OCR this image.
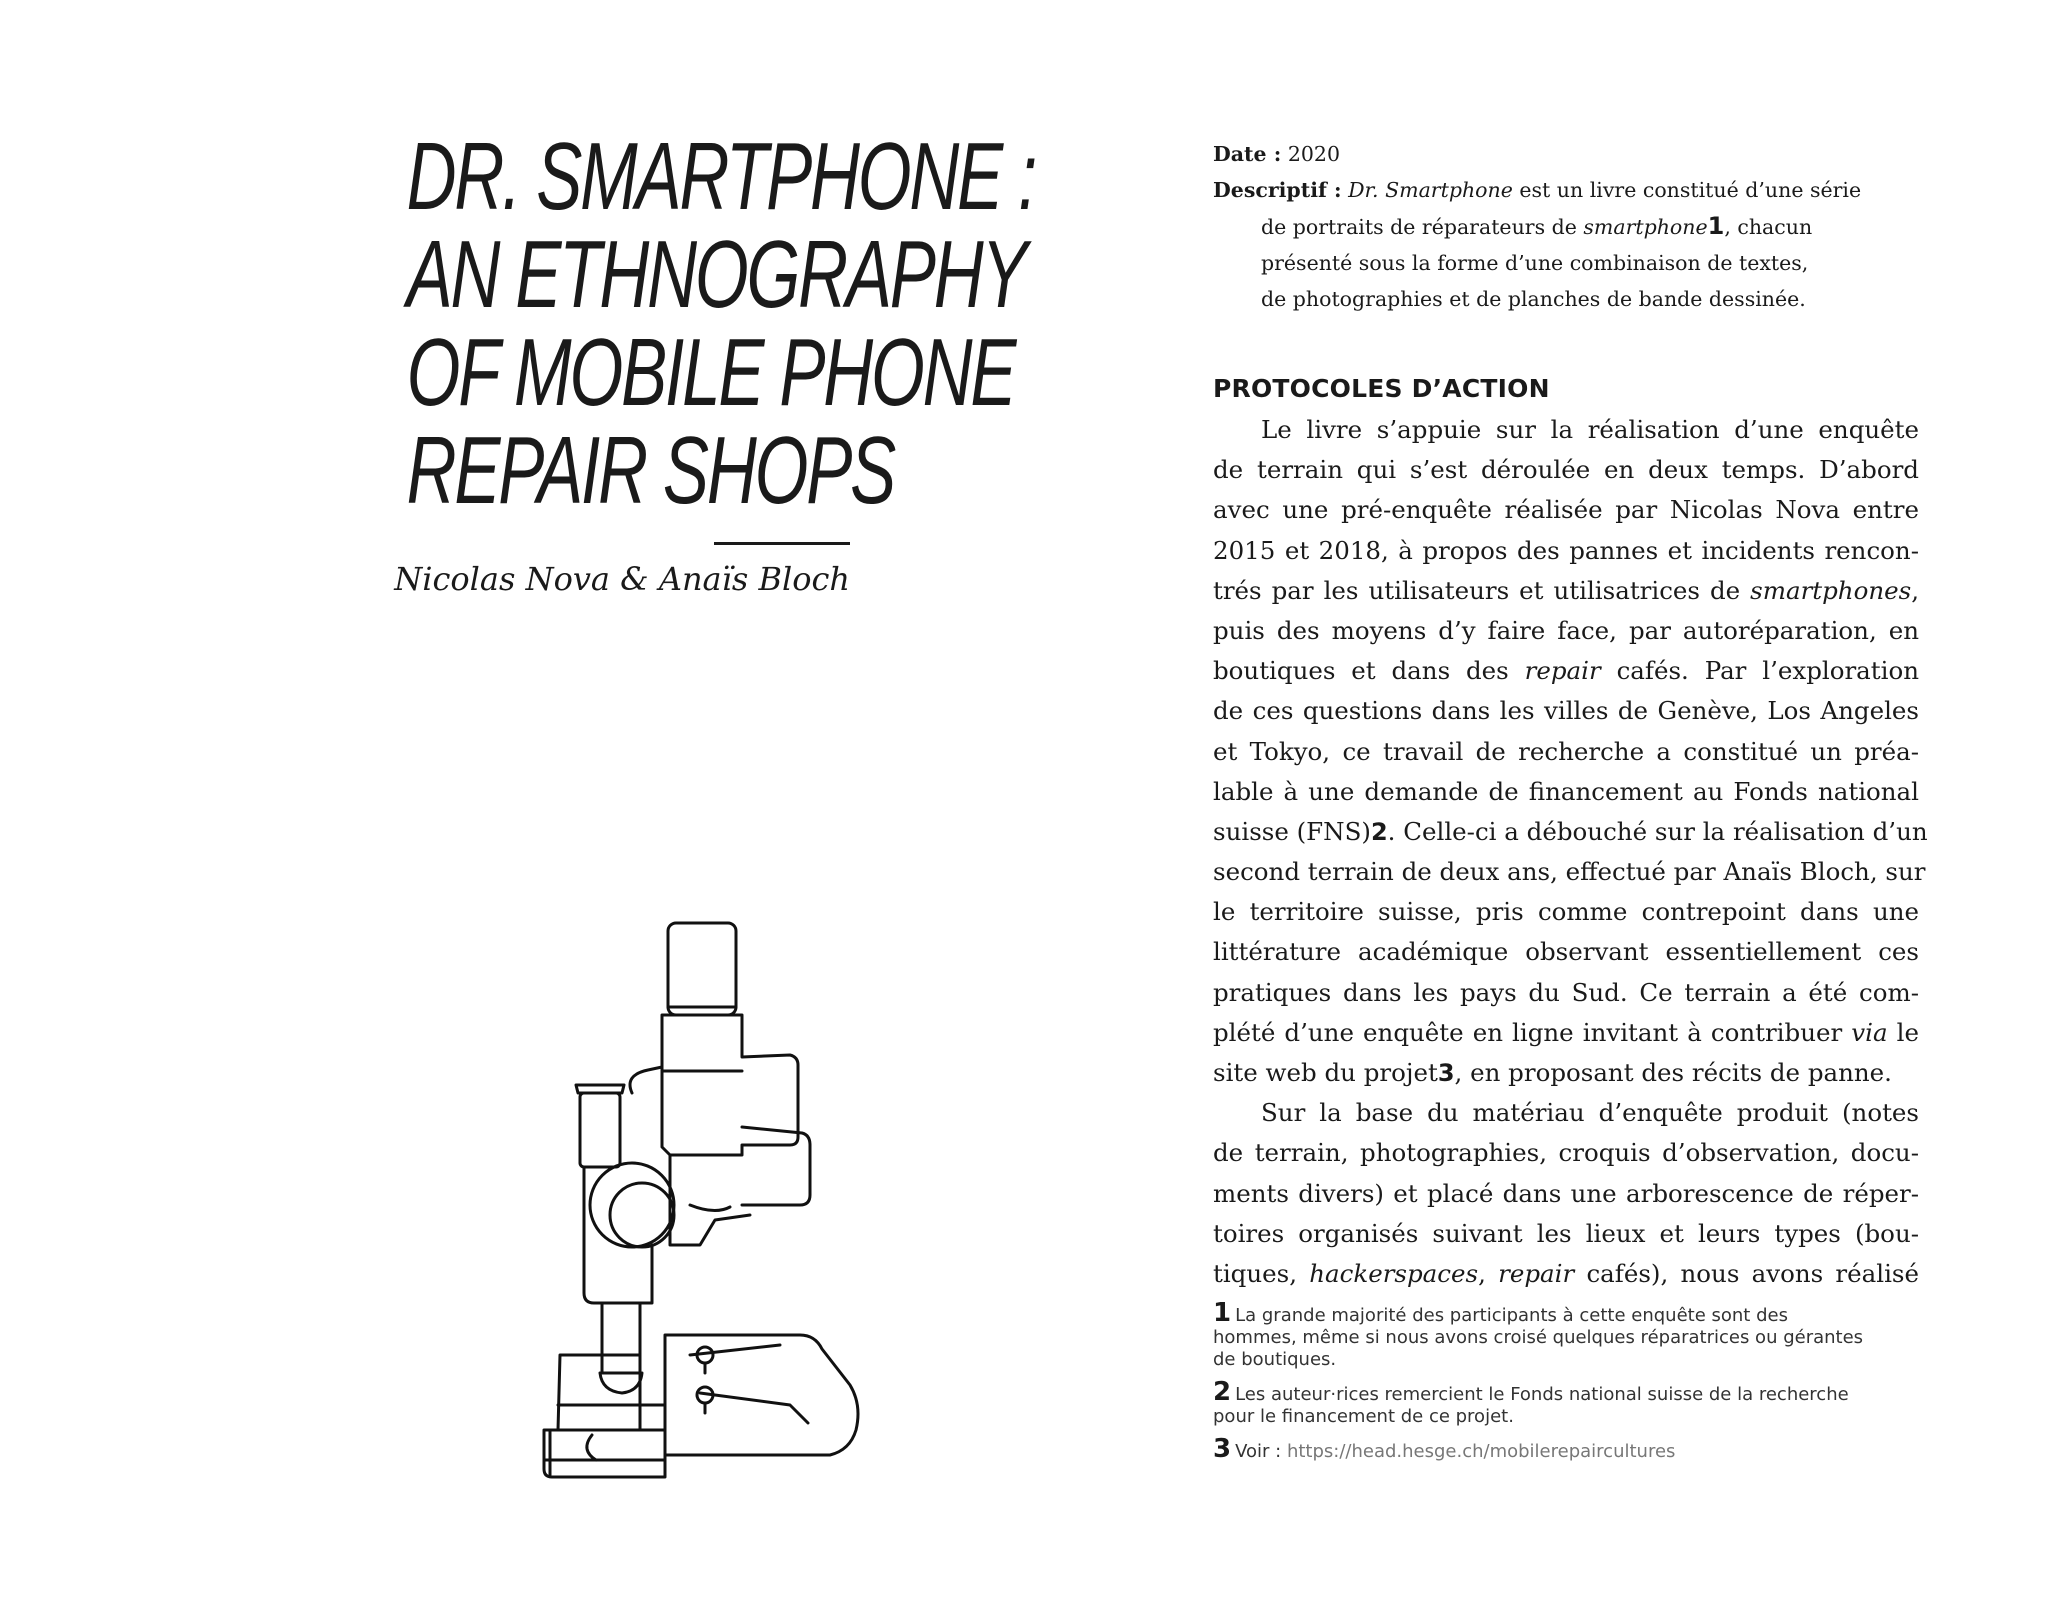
DR. SMARTPHONE :
AN ETHNOGRAPHY
OF MOBILE PHONE
REPAIR SHOPS
Nicolas Nova & Anaïs Bloch
Date : 2020
Descriptif : Dr. Smartphone est un livre constitué d’une série
de portraits de réparateurs de smartphone1, chacun
présenté sous la forme d’une combinaison de textes,
de photographies et de planches de bande dessinée.
PROTOCOLES D’ACTION
Le livre s’appuie sur la réalisation d’une enquête
de terrain qui s’est déroulée en deux temps. D’abord
avec une pré-enquête réalisée par Nicolas Nova entre
2015 et 2018, à propos des pannes et incidents rencon-
trés par les utilisateurs et utilisatrices de smartphones,
puis des moyens d’y faire face, par autoréparation, en
boutiques et dans des repair cafés. Par l’exploration
de ces questions dans les villes de Genève, Los Angeles
et Tokyo, ce travail de recherche a constitué un préa-
lable à une demande de financement au Fonds national
suisse (FNS)2. Celle-ci a débouché sur la réalisation d’un
second terrain de deux ans, effectué par Anaïs Bloch, sur
le territoire suisse, pris comme contrepoint dans une
littérature académique observant essentiellement ces
pratiques dans les pays du Sud. Ce terrain a été com-
plété d’une enquête en ligne invitant à contribuer via le
site web du projet3, en proposant des récits de panne.
Sur la base du matériau d’enquête produit (notes
de terrain, photographies, croquis d’observation, docu-
ments divers) et placé dans une arborescence de réper-
toires organisés suivant les lieux et leurs types (bou-
tiques, hackerspaces, repair cafés), nous avons réalisé
1 La grande majorité des participants à cette enquête sont des
hommes, même si nous avons croisé quelques réparatrices ou gérantes
de boutiques.
2 Les auteur·rices remercient le Fonds national suisse de la recherche
pour le financement de ce projet.
3 Voir : https://head.hesge.ch/mobilerepaircultures
